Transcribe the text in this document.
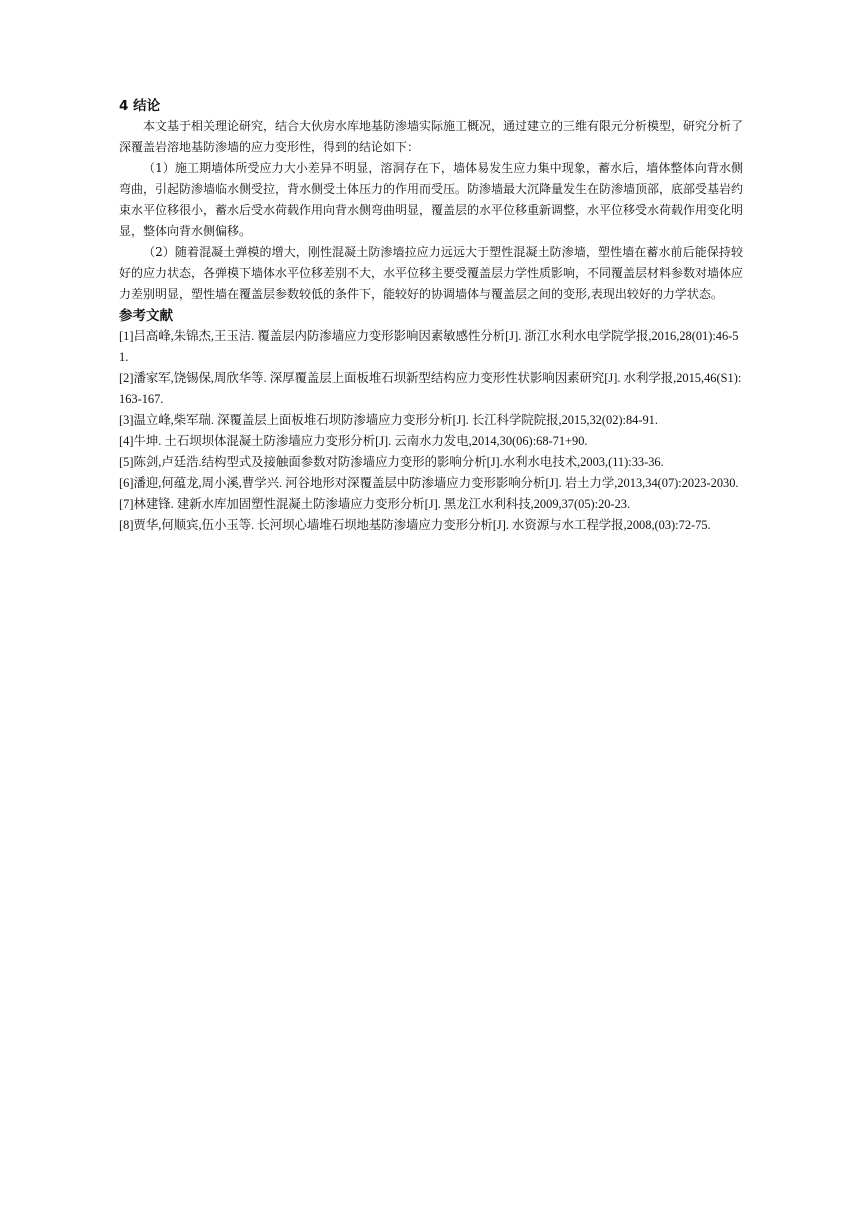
4 结论

本文基于相关理论研究，结合大伙房水库地基防渗墙实际施工概况，通过建立的三维有限元分析模型，研究分析了深覆盖岩溶地基防渗墙的应力变形性，得到的结论如下：

（1）施工期墙体所受应力大小差异不明显，溶洞存在下，墙体易发生应力集中现象，蓄水后，墙体整体向背水侧弯曲，引起防渗墙临水侧受拉，背水侧受土体压力的作用而受压。防渗墙最大沉降量发生在防渗墙顶部，底部受基岩约束水平位移很小，蓄水后受水荷载作用向背水侧弯曲明显，覆盖层的水平位移重新调整，水平位移受水荷载作用变化明显，整体向背水侧偏移。

（2）随着混凝土弹模的增大，刚性混凝土防渗墙拉应力远远大于塑性混凝土防渗墙，塑性墙在蓄水前后能保持较好的应力状态，各弹模下墙体水平位移差别不大，水平位移主要受覆盖层力学性质影响，不同覆盖层材料参数对墙体应力差别明显，塑性墙在覆盖层参数较低的条件下，能较好的协调墙体与覆盖层之间的变形,表现出较好的力学状态。

参考文献

[1]吕高峰,朱锦杰,王玉洁. 覆盖层内防渗墙应力变形影响因素敏感性分析[J]. 浙江水利水电学院学报,2016,28(01):46-51.

[2]潘家军,饶锡保,周欣华等. 深厚覆盖层上面板堆石坝新型结构应力变形性状影响因素研究[J]. 水利学报,2015,46(S1):163-167.

[3]温立峰,柴军瑞. 深覆盖层上面板堆石坝防渗墙应力变形分析[J]. 长江科学院院报,2015,32(02):84-91.

[4]牛坤. 土石坝坝体混凝土防渗墙应力变形分析[J]. 云南水力发电,2014,30(06):68-71+90.

[5]陈剑,卢廷浩.结构型式及接触面参数对防渗墙应力变形的影响分析[J].水利水电技术,2003,(11):33-36.

[6]潘迎,何蕴龙,周小溪,曹学兴. 河谷地形对深覆盖层中防渗墙应力变形影响分析[J]. 岩土力学,2013,34(07):2023-2030.

[7]林建锋. 建新水库加固塑性混凝土防渗墙应力变形分析[J]. 黑龙江水利科技,2009,37(05):20-23.

[8]贾华,何顺宾,伍小玉等. 长河坝心墙堆石坝地基防渗墙应力变形分析[J]. 水资源与水工程学报,2008,(03):72-75.
